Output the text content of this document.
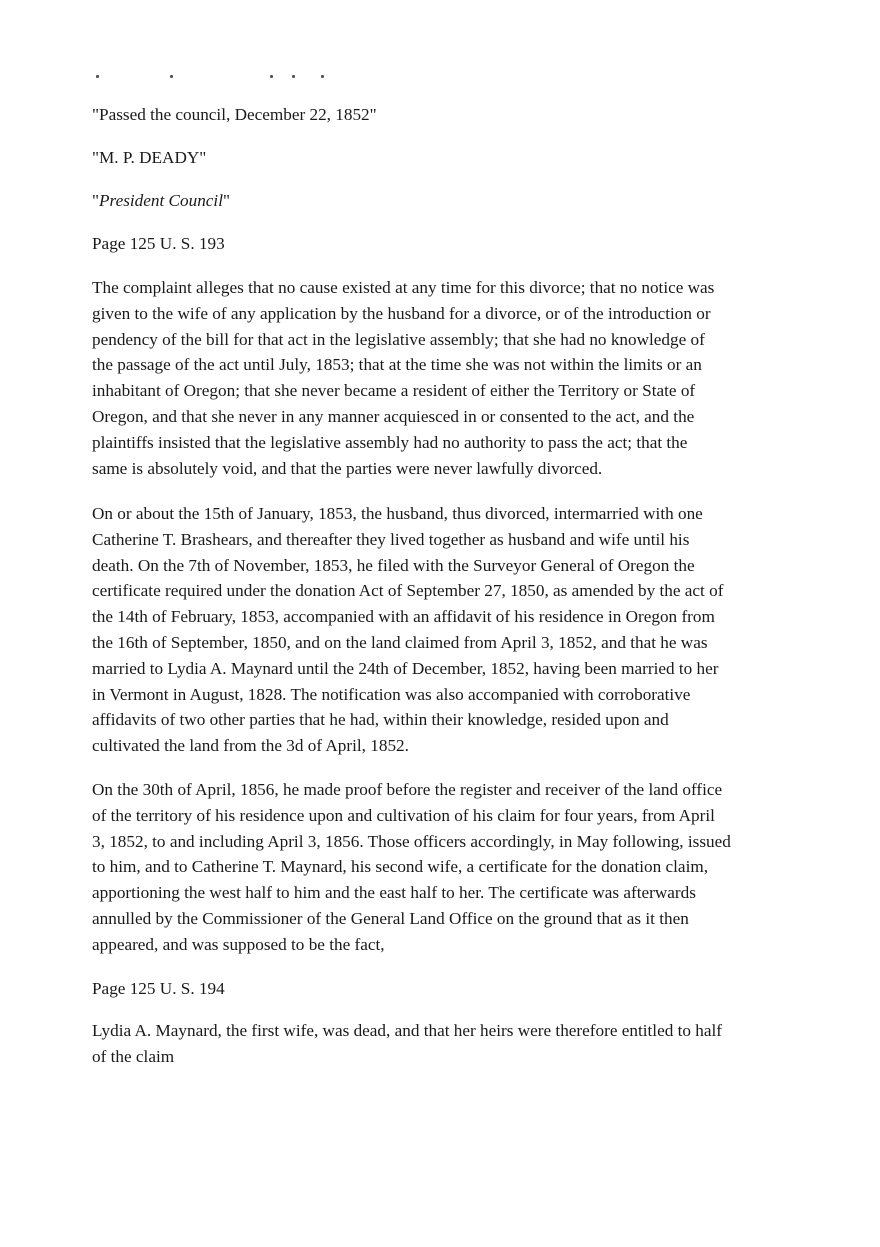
"Passed the council, December 22, 1852"

"M. P. DEADY"

"President Council"

Page 125 U. S. 193

The complaint alleges that no cause existed at any time for this divorce; that no notice was
given to the wife of any application by the husband for a divorce, or of the introduction or
pendency of the bill for that act in the legislative assembly; that she had no knowledge of
the passage of the act until July, 1853; that at the time she was not within the limits or an
inhabitant of Oregon; that she never became a resident of either the Territory or State of
Oregon, and that she never in any manner acquiesced in or consented to the act, and the
plaintiffs insisted that the legislative assembly had no authority to pass the act; that the
same is absolutely void, and that the parties were never lawfully divorced.

On or about the 15th of January, 1853, the husband, thus divorced, intermarried with one
Catherine T. Brashears, and thereafter they lived together as husband and wife until his
death. On the 7th of November, 1853, he filed with the Surveyor General of Oregon the
certificate required under the donation Act of September 27, 1850, as amended by the act of
the 14th of February, 1853, accompanied with an affidavit of his residence in Oregon from
the 16th of September, 1850, and on the land claimed from April 3, 1852, and that he was
married to Lydia A. Maynard until the 24th of December, 1852, having been married to her
in Vermont in August, 1828. The notification was also accompanied with corroborative
affidavits of two other parties that he had, within their knowledge, resided upon and
cultivated the land from the 3d of April, 1852.

On the 30th of April, 1856, he made proof before the register and receiver of the land office
of the territory of his residence upon and cultivation of his claim for four years, from April
3, 1852, to and including April 3, 1856. Those officers accordingly, in May following, issued
to him, and to Catherine T. Maynard, his second wife, a certificate for the donation claim,
apportioning the west half to him and the east half to her. The certificate was afterwards
annulled by the Commissioner of the General Land Office on the ground that as it then
appeared, and was supposed to be the fact,

Page 125 U. S. 194

Lydia A. Maynard, the first wife, was dead, and that her heirs were therefore entitled to half
of the claim
